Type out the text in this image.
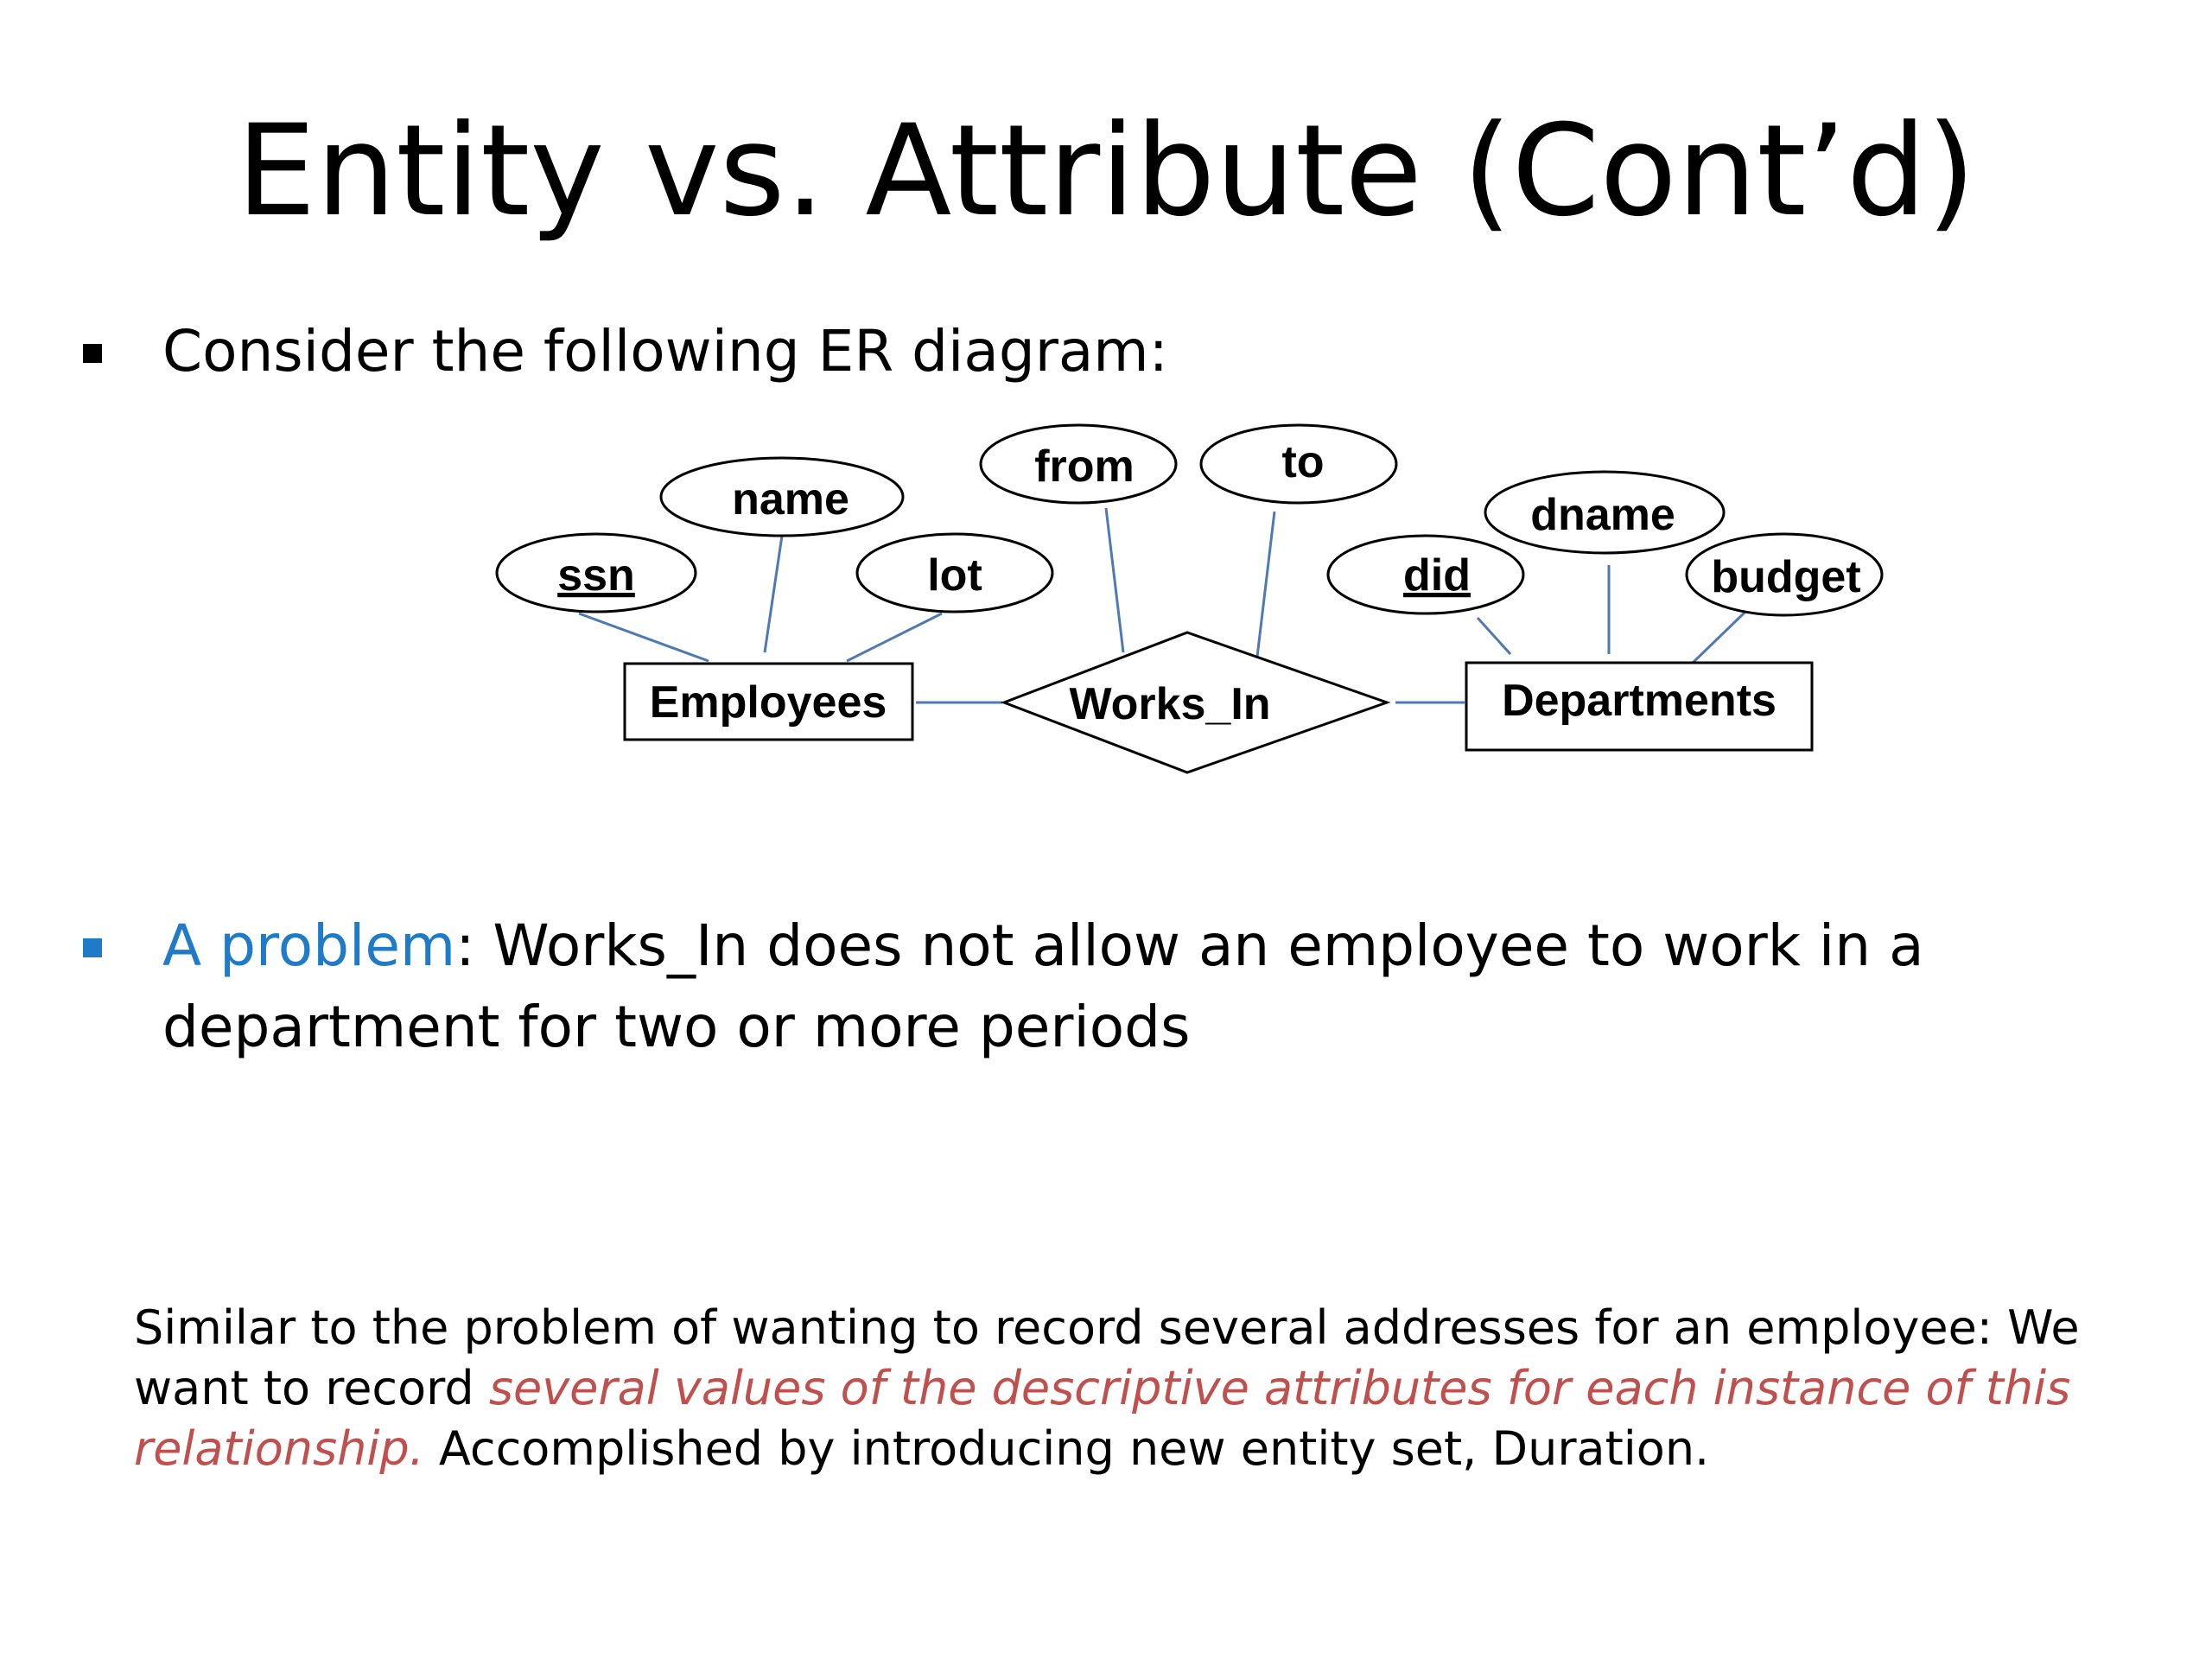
Entity vs. Attribute (Cont’d)
Consider the following ER diagram:
ssn
name
lot
from	to
did
dname
budget
Employees	Departments
Works_In
A problem: Works_In does not allow an employee to work in a department for two or more periods
Similar to the problem of wanting to record several addresses for an employee: We want to record several values of the descriptive attributes for each instance of this relationship. Accomplished by introducing new entity set, Duration.
